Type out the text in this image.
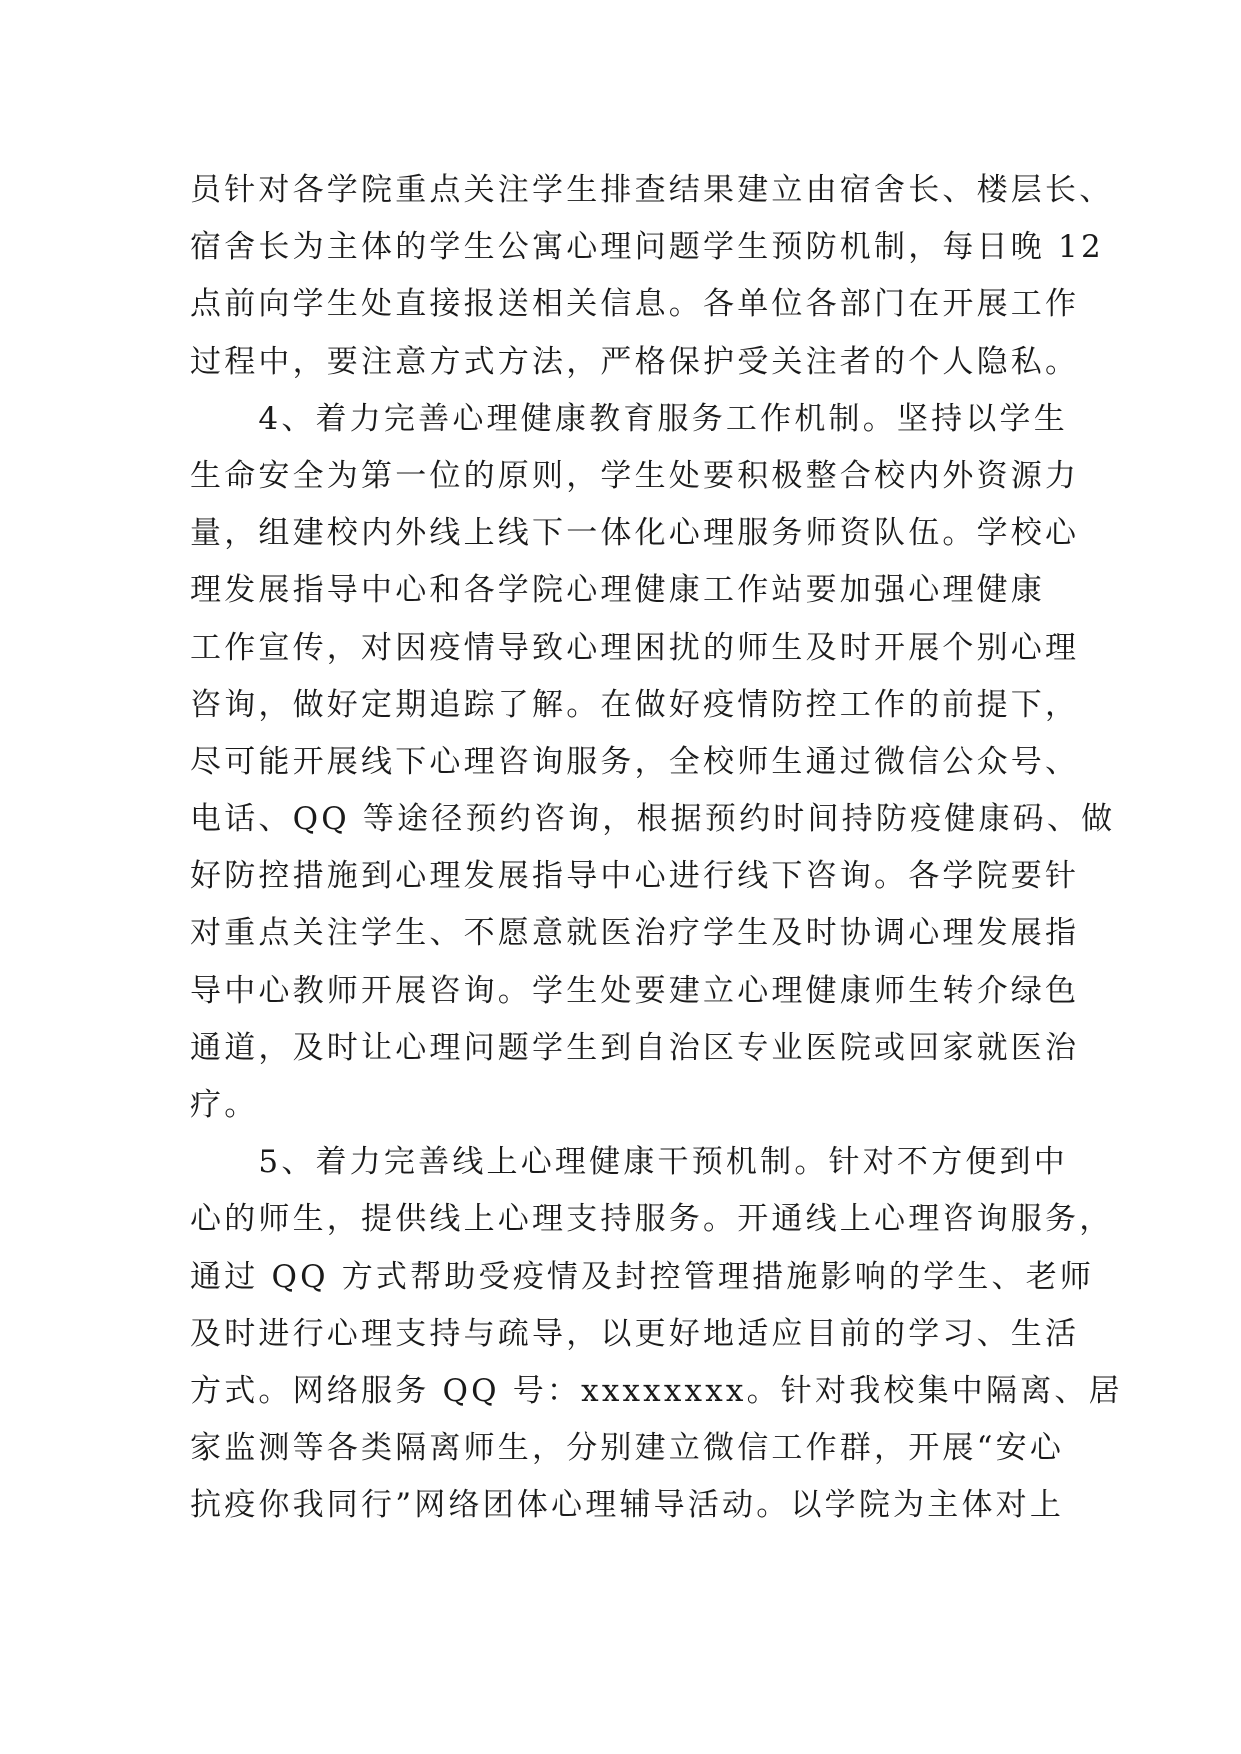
员针对各学院重点关注学生排查结果建立由宿舍长、楼层长、
宿舍长为主体的学生公寓心理问题学生预防机制，每日晚 12
点前向学生处直接报送相关信息。各单位各部门在开展工作
过程中，要注意方式方法，严格保护受关注者的个人隐私。
　　4、着力完善心理健康教育服务工作机制。坚持以学生
生命安全为第一位的原则，学生处要积极整合校内外资源力
量，组建校内外线上线下一体化心理服务师资队伍。学校心
理发展指导中心和各学院心理健康工作站要加强心理健康
工作宣传，对因疫情导致心理困扰的师生及时开展个别心理
咨询，做好定期追踪了解。在做好疫情防控工作的前提下，
尽可能开展线下心理咨询服务，全校师生通过微信公众号、
电话、QQ 等途径预约咨询，根据预约时间持防疫健康码、做
好防控措施到心理发展指导中心进行线下咨询。各学院要针
对重点关注学生、不愿意就医治疗学生及时协调心理发展指
导中心教师开展咨询。学生处要建立心理健康师生转介绿色
通道，及时让心理问题学生到自治区专业医院或回家就医治
疗。
　　5、着力完善线上心理健康干预机制。针对不方便到中
心的师生，提供线上心理支持服务。开通线上心理咨询服务，
通过 QQ 方式帮助受疫情及封控管理措施影响的学生、老师
及时进行心理支持与疏导，以更好地适应目前的学习、生活
方式。网络服务 QQ 号：xxxxxxxx。针对我校集中隔离、居
家监测等各类隔离师生，分别建立微信工作群，开展“安心
抗疫你我同行”网络团体心理辅导活动。以学院为主体对上
